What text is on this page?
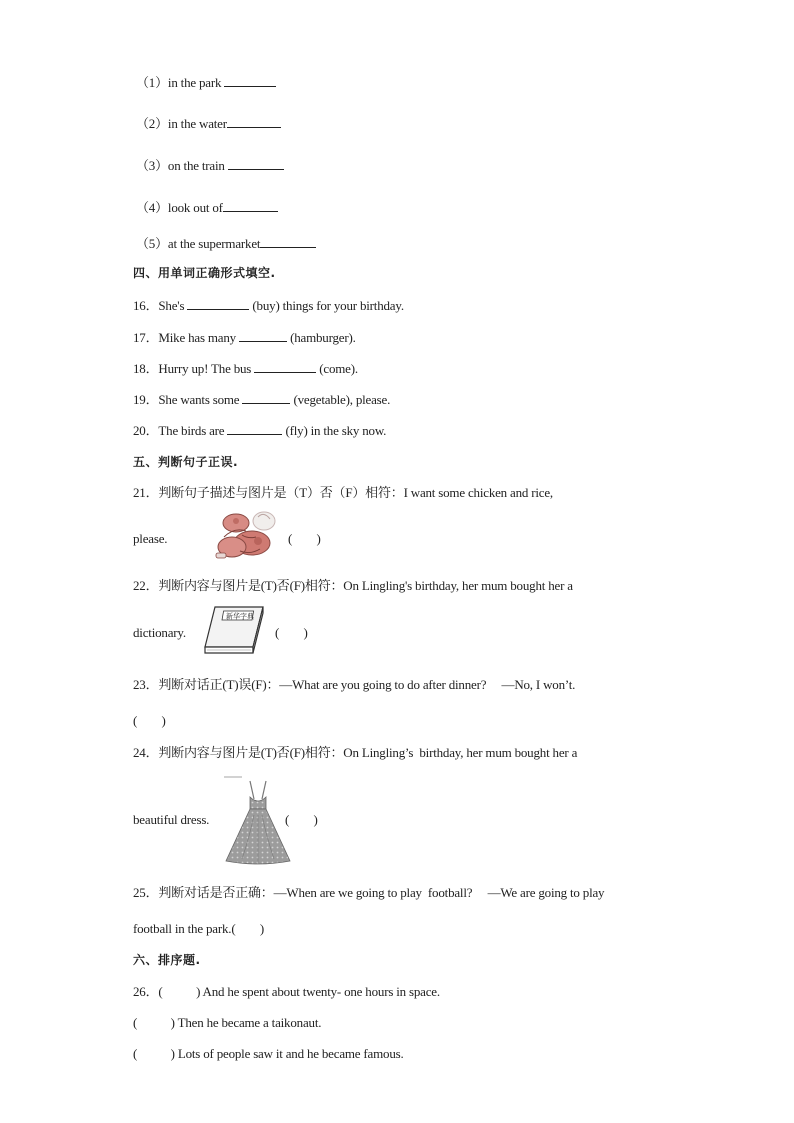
（1）in the park
（2）in the water
（3）on the train
（4）look out of
（5）at the supermarket
四、用单词正确形式填空.
16．She's	(buy) things for your birthday.
17．Mike has many	(hamburger).
18．Hurry up! The bus	(come).
19．She wants some	(vegetable), please.
20．The birds are	(fly) in the sky now.
五、判断句子正误.
21．判断句子描述与图片是（T）否（F）相符：I want some chicken and rice,
please.	(        )
22．判断内容与图片是(T)否(F)相符：On Lingling's birthday, her mum bought her a
dictionary.
新华字典
(        )
23．判断对话正(T)误(F)：—What are you going to do after dinner?     —No, I won’t.
(        )
24．判断内容与图片是(T)否(F)相符：On Lingling’s  birthday, her mum bought her a
beautiful dress.	(        )
25．判断对话是否正确：—When are we going to play  football?     —We are going to play
football in the park.(        )
六、排序题.
26．(           ) And he spent about twenty- one hours in space.
(           ) Then he became a taikonaut.
(           ) Lots of people saw it and he became famous.
